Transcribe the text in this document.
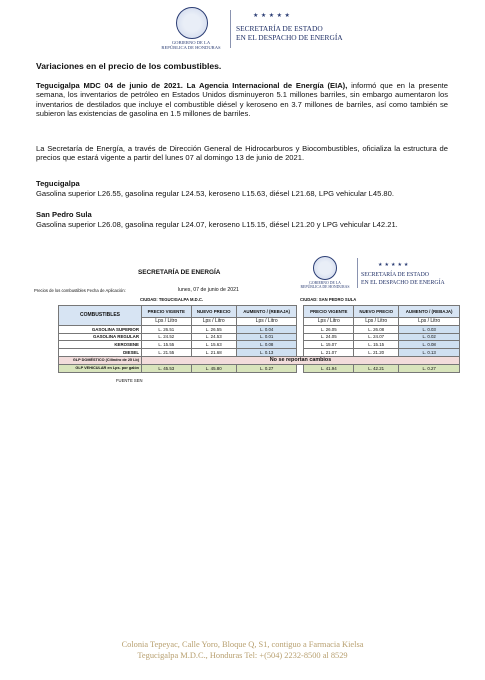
GOBIERNO DE LA
REPÚBLICA DE HONDURAS
★★★★★
SECRETARÍA DE ESTADO
EN EL DESPACHO DE ENERGÍA
Variaciones en el precio de los combustibles.
Tegucigalpa MDC 04 de junio de 2021. La Agencia Internacional de Energía (EIA), informó que en la presente semana, los inventarios de petróleo en Estados Unidos disminuyeron 5.1 millones barriles, sin embargo aumentaron los inventarios de destilados que incluye el combustible diésel y keroseno en 3.7 millones de barriles, así como también se subieron las existencias de gasolina en 1.5 millones de barriles.
La Secretaría de Energía, a través de Dirección General de Hidrocarburos y Biocombustibles, oficializa la estructura de precios que estará vigente a partir del lunes 07 al domingo 13 de junio de 2021.
Tegucigalpa
Gasolina superior L26.55, gasolina regular L24.53, keroseno L15.63, diésel L21.68, LPG vehicular L45.80.
San Pedro Sula
Gasolina superior L26.08, gasolina regular L24.07, keroseno L15.15, diésel L21.20 y LPG vehicular L42.21.
SECRETARÍA DE ENERGÍA
GOBIERNO DE LA
REPÚBLICA DE HONDURAS
★★★★★
SECRETARÍA DE ESTADO
EN EL DESPACHO DE ENERGÍA
Precios de los combustibles Fecha de Aplicación:	lunes, 07 de junio de 2021
CIUDAD: TEGUCIGALPA M.D.C.	CIUDAD: SAN PEDRO SULA
COMBUSTIBLES	PRECIO VIGENTE	NUEVO PRECIO	AUMENTO / (REBAJA)		PRECIO VIGENTE	NUEVO PRECIO	AUMENTO / (REBAJA)
	Lps / Litro	Lps / Litro	Lps / Litro		Lps / Litro	Lps / Litro	Lps / Litro
GASOLINA SUPERIOR	L. 26.51	L. 26.55	L. 0.04		L. 26.05	L. 26.08	L. 0.03
GASOLINA REGULAR	L. 24.52	L. 24.53	L. 0.01		L. 24.05	L. 24.07	L. 0.02
KEROSENE	L. 15.55	L. 15.63	L. 0.08		L. 15.07	L. 15.15	L. 0.08
DIESEL	L. 21.55	L. 21.68	L. 0.13		L. 21.07	L. 21.20	L. 0.13
GLP DOMÉSTICO (Cilindro de 25 Lb)	No se reportan cambios						
GLP VEHICULAR en Lps. por galón	L. 45.53	L. 45.80	L. 0.27		L. 41.94	L. 42.21	L. 0.27
FUENTE SEN
Colonia Tepeyac, Calle Yoro, Bloque Q, S1, contiguo a Farmacia Kielsa
Tegucigalpa M.D.C., Honduras Tel: +(504) 2232-8500 al 8529
